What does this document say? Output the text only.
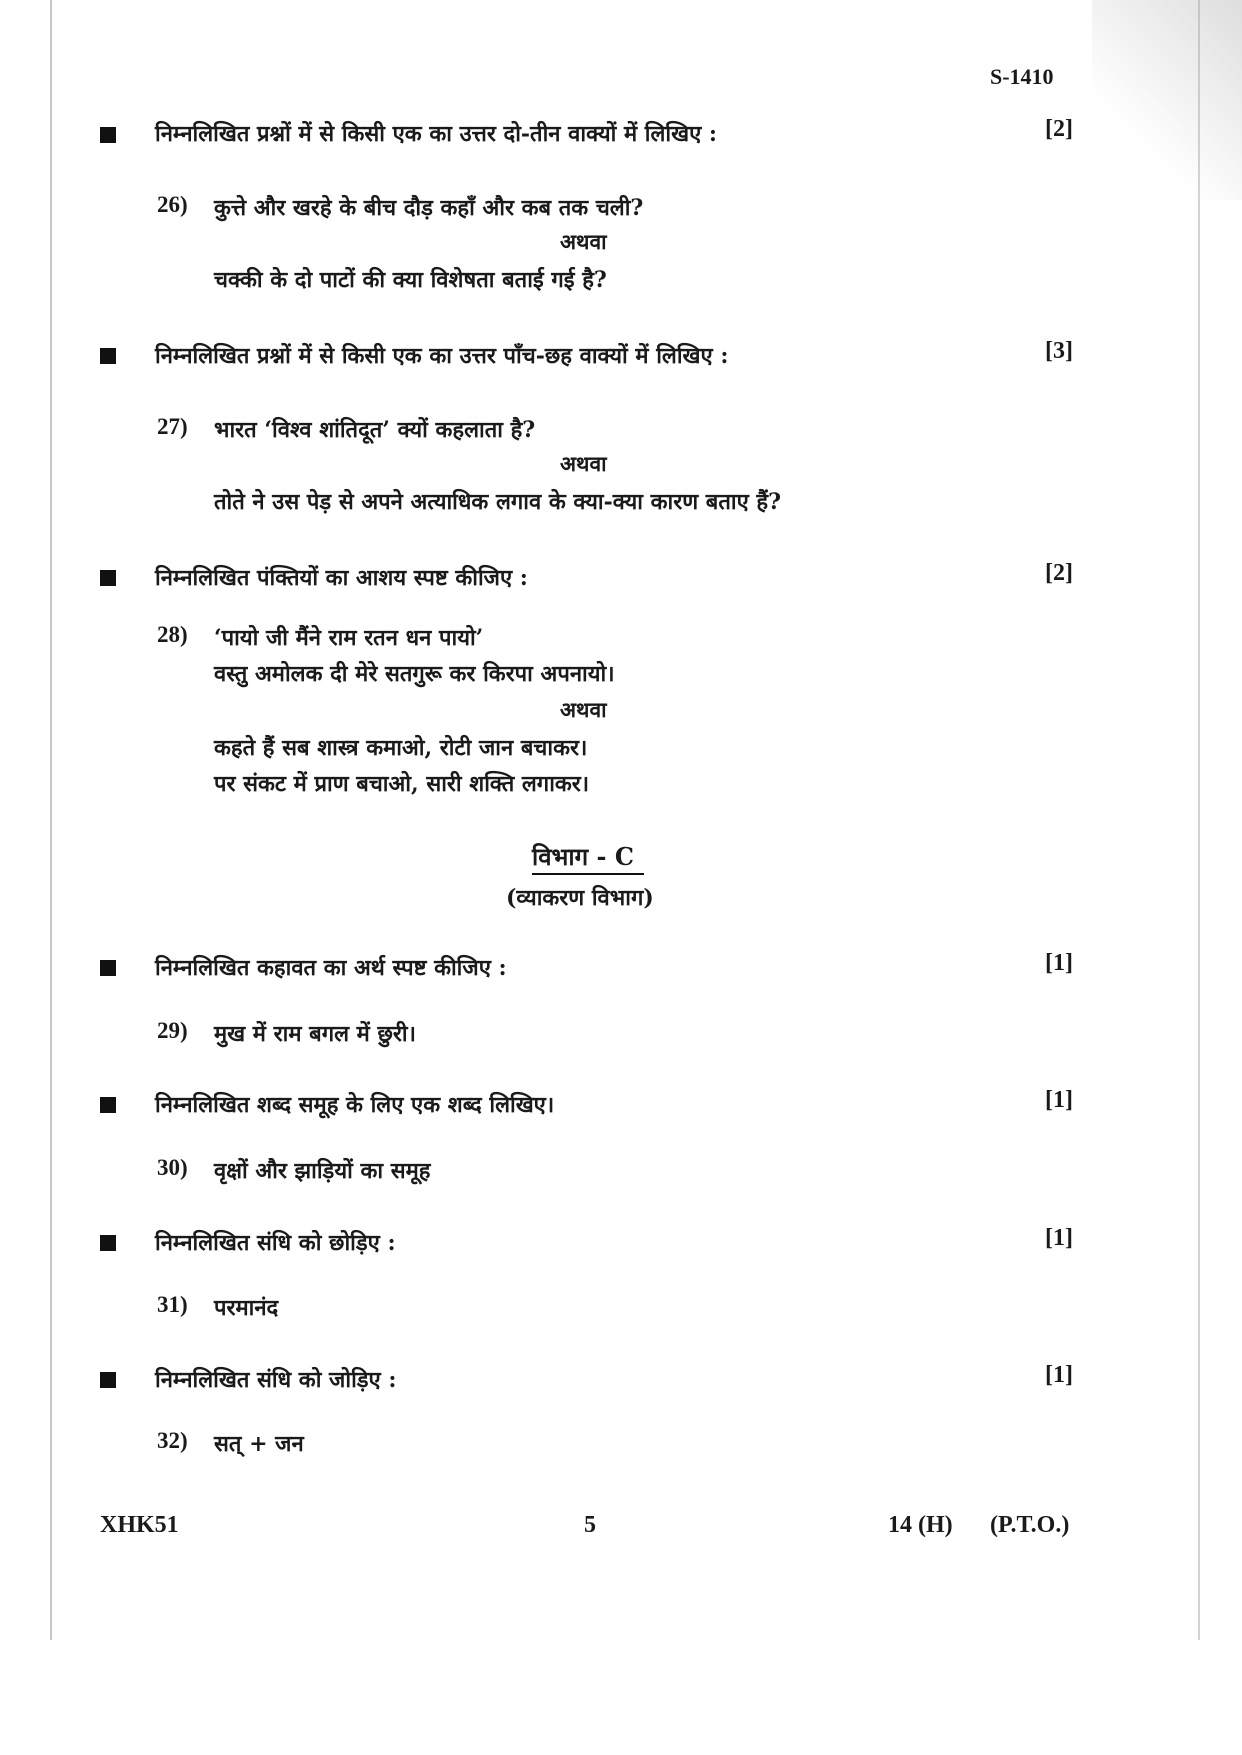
S-1410
निम्नलिखित प्रश्नों में से किसी एक का उत्तर दो-तीन वाक्यों में लिखिए :	[2]
26) कुत्ते और खरहे के बीच दौड़ कहाँ और कब तक चली?
अथवा
चक्की के दो पाटों की क्या विशेषता बताई गई है?
निम्नलिखित प्रश्नों में से किसी एक का उत्तर पाँच-छह वाक्यों में लिखिए :	[3]
27) भारत ‘विश्व शांतिदूत’ क्यों कहलाता है?
अथवा
तोते ने उस पेड़ से अपने अत्याधिक लगाव के क्या-क्या कारण बताए हैं?
निम्नलिखित पंक्तियों का आशय स्पष्ट कीजिए :	[2]
28) ‘पायो जी मैंने राम रतन धन पायो’
वस्तु अमोलक दी मेरे सतगुरू कर किरपा अपनायो।
अथवा
कहते हैं सब शास्त्र कमाओ, रोटी जान बचाकर।
पर संकट में प्राण बचाओ, सारी शक्ति लगाकर।
विभाग - C
(व्याकरण विभाग)
निम्नलिखित कहावत का अर्थ स्पष्ट कीजिए :	[1]
29) मुख में राम बगल में छुरी।
निम्नलिखित शब्द समूह के लिए एक शब्द लिखिए।	[1]
30) वृक्षों और झाड़ियों का समूह
निम्नलिखित संधि को छोड़िए :	[1]
31) परमानंद
निम्नलिखित संधि को जोड़िए :	[1]
32) सत् + जन
XHK51	5	14 (H) (P.T.O.)
